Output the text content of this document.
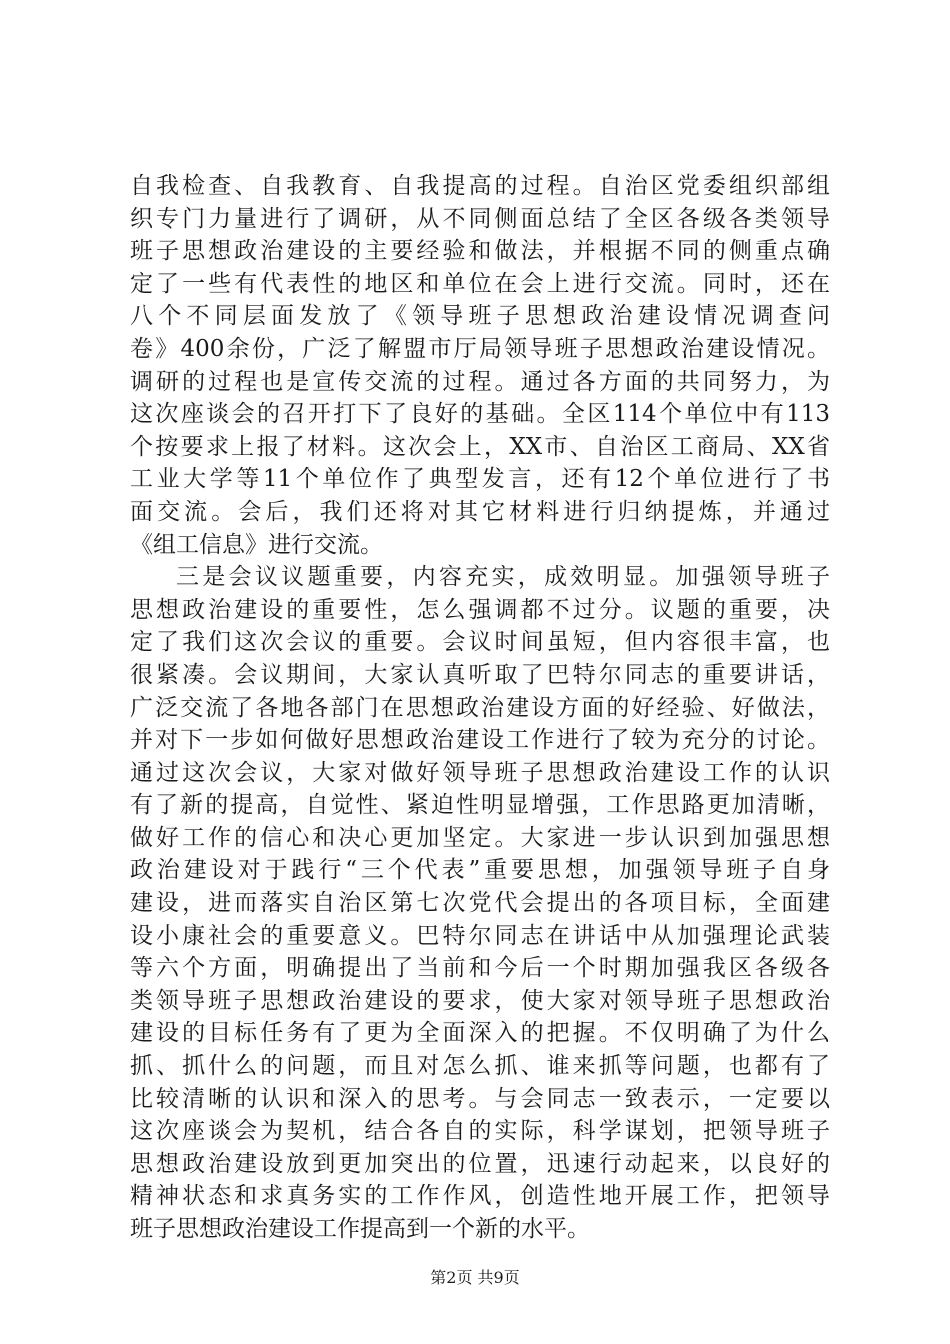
自我检查、自我教育、自我提高的过程。自治区党委组织部组
织专门力量进行了调研，从不同侧面总结了全区各级各类领导
班子思想政治建设的主要经验和做法，并根据不同的侧重点确
定了一些有代表性的地区和单位在会上进行交流。同时，还在
八个不同层面发放了《领导班子思想政治建设情况调查问
卷》400余份，广泛了解盟市厅局领导班子思想政治建设情况。
调研的过程也是宣传交流的过程。通过各方面的共同努力，为
这次座谈会的召开打下了良好的基础。全区114个单位中有113
个按要求上报了材料。这次会上，XX市、自治区工商局、XX省
工业大学等11个单位作了典型发言，还有12个单位进行了书
面交流。会后，我们还将对其它材料进行归纳提炼，并通过
《组工信息》进行交流。
三是会议议题重要，内容充实，成效明显。加强领导班子
思想政治建设的重要性，怎么强调都不过分。议题的重要，决
定了我们这次会议的重要。会议时间虽短，但内容很丰富，也
很紧凑。会议期间，大家认真听取了巴特尔同志的重要讲话，
广泛交流了各地各部门在思想政治建设方面的好经验、好做法，
并对下一步如何做好思想政治建设工作进行了较为充分的讨论。
通过这次会议，大家对做好领导班子思想政治建设工作的认识
有了新的提高，自觉性、紧迫性明显增强，工作思路更加清晰，
做好工作的信心和决心更加坚定。大家进一步认识到加强思想
政治建设对于践行“三个代表”重要思想，加强领导班子自身
建设，进而落实自治区第七次党代会提出的各项目标，全面建
设小康社会的重要意义。巴特尔同志在讲话中从加强理论武装
等六个方面，明确提出了当前和今后一个时期加强我区各级各
类领导班子思想政治建设的要求，使大家对领导班子思想政治
建设的目标任务有了更为全面深入的把握。不仅明确了为什么
抓、抓什么的问题，而且对怎么抓、谁来抓等问题，也都有了
比较清晰的认识和深入的思考。与会同志一致表示，一定要以
这次座谈会为契机，结合各自的实际，科学谋划，把领导班子
思想政治建设放到更加突出的位置，迅速行动起来，以良好的
精神状态和求真务实的工作作风，创造性地开展工作，把领导
班子思想政治建设工作提高到一个新的水平。
第2页 共9页
